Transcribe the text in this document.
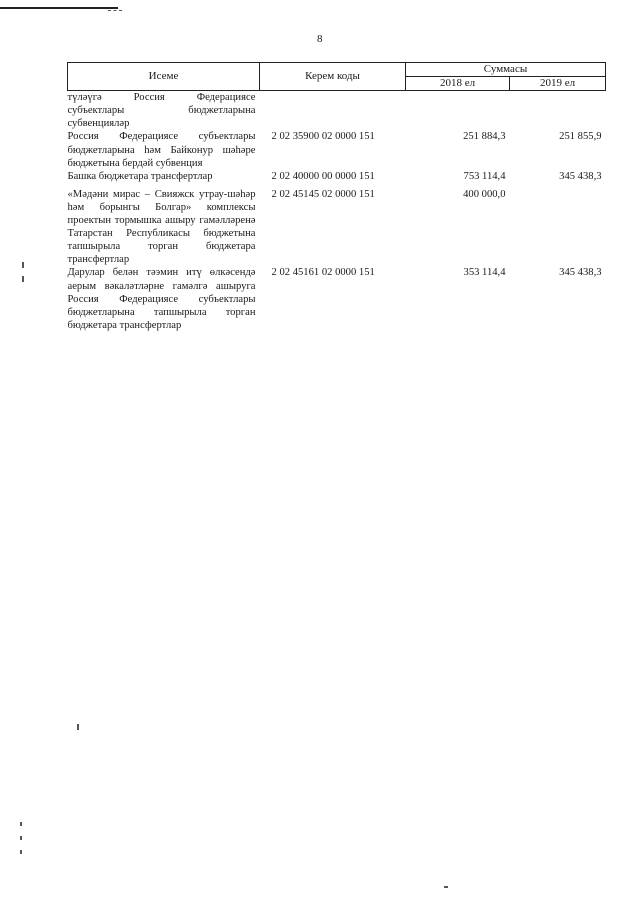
8
Исеме	Керем коды	Суммасы	
		2018 ел	2019 ел
түләүгә Россия Федерациясе субъектлары бюджетларына субвенцияләр			
Россия Федерациясе субъектлары бюджетларына һәм Байконур шәһәре бюджетына бердәй субвенция	2 02 35900 02 0000 151	251 884,3	251 855,9
Башка бюджетара трансфертлар	2 02 40000 00 0000 151	753 114,4	345 438,3
«Мәдәни мирас – Свияжск утрау-шәһәр һәм борынгы Болгар» комплексы проектын тормышка ашыру гамәлләренә Татарстан Республикасы бюджетына тапшырыла торган бюджетара трансфертлар	2 02 45145 02 0000 151	400 000,0	
Дарулар белән тәэмин итү өлкәсендә аерым вәкаләтләрне гамәлгә ашыруга Россия Федерациясе субъектлары бюджетларына тапшырыла торган бюджетара трансфертлар	2 02 45161 02 0000 151	353 114,4	345 438,3
